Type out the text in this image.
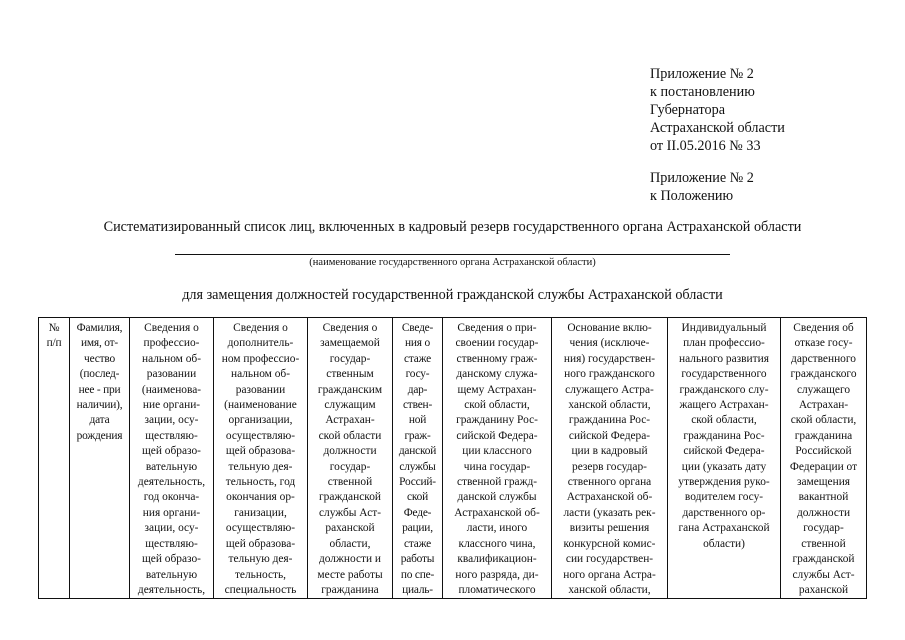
Приложение № 2
к постановлению
Губернатора
Астраханской области
от II.05.2016 № 33
Приложение № 2
к Положению
Систематизированный список лиц, включенных в кадровый резерв государственного органа Астраханской области
(наименование государственного органа Астраханской области)
для замещения должностей государственной гражданской службы Астраханской области
№
п/п

Фамилия,
имя, от-
чество
(послед-
нее - при
наличии),
дата
рождения

Сведения о
профессио-
нальном об-
разовании
(наименова-
ние органи-
зации, осу-
ществляю-
щей образо-
вательную
деятельность,
год оконча-
ния органи-
зации, осу-
ществляю-
щей образо-
вательную
деятельность,

Сведения о
дополнитель-
ном профессио-
нальном об-
разовании
(наименование
организации,
осуществляю-
щей образова-
тельную дея-
тельность, год
окончания ор-
ганизации,
осуществляю-
щей образова-
тельную дея-
тельность,
специальность

Сведения о
замещаемой
государ-
ственным
гражданским
служащим
Астрахан-
ской области
должности
государ-
ственной
гражданской
службы Аст-
раханской
области,
должности и
месте работы
гражданина

Сведе-
ния о
стаже
госу-
дар-
ствен-
ной
граж-
данской
службы
Россий-
ской
Феде-
рации,
стаже
работы
по спе-
циаль-

Сведения о при-
своении государ-
ственному граж-
данскому служа-
щему Астрахан-
ской области,
гражданину Рос-
сийской Федера-
ции классного
чина государ-
ственной гражд-
данской службы
Астраханской об-
ласти, иного
классного чина,
квалификацион-
ного разряда, ди-
пломатического

Основание вклю-
чения (исключе-
ния) государствен-
ного гражданского
служащего Астра-
ханской области,
гражданина Рос-
сийской Федера-
ции в кадровый
резерв государ-
ственного органа
Астраханской об-
ласти (указать рек-
визиты решения
конкурсной комис-
сии государствен-
ного органа Астра-
ханской области,

Индивидуальный
план профессио-
нального развития
государственного
гражданского слу-
жащего Астрахан-
ской области,
гражданина Рос-
сийской Федера-
ции (указать дату
утверждения руко-
водителем госу-
дарственного ор-
гана Астраханской
области)

Сведения об
отказе госу-
дарственного
гражданского
служащего
Астрахан-
ской области,
гражданина
Российской
Федерации от
замещения
вакантной
должности
государ-
ственной
гражданской
службы Аст-
раханской
